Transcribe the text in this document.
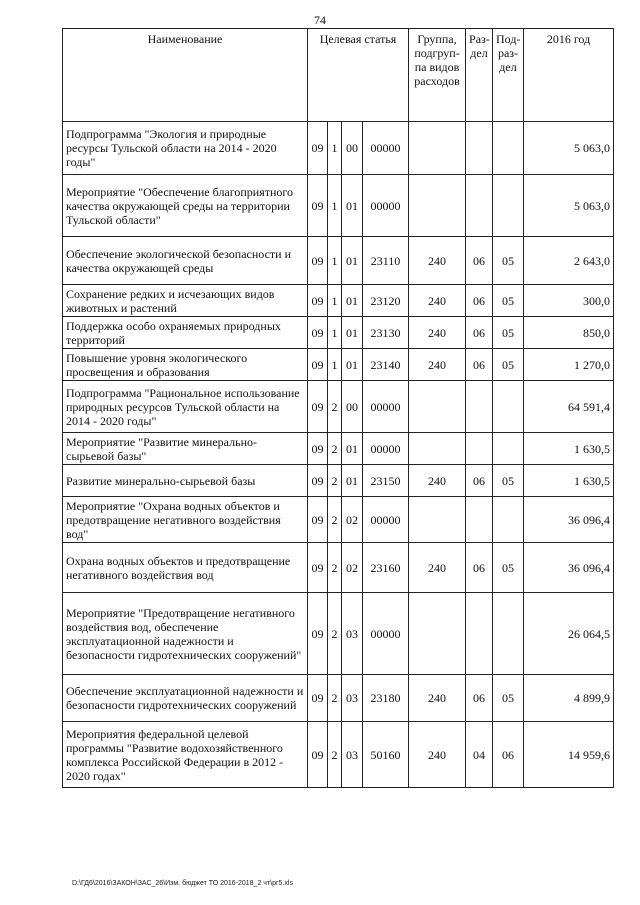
74
Наименование	Целевая статья				Группа, подгруп-па видов расходов	Раз-дел	Под-раз-дел	2016 год
Подпрограмма "Экология и природные ресурсы Тульской области на 2014 - 2020 годы"	09	1	00	00000				5 063,0
Мероприятие "Обеспечение благоприятного качества окружающей среды на территории Тульской области"	09	1	01	00000				5 063,0
Обеспечение экологической безопасности и качества окружающей среды	09	1	01	23110	240	06	05	2 643,0
Сохранение редких и исчезающих видов животных и растений	09	1	01	23120	240	06	05	300,0
Поддержка особо охраняемых природных территорий	09	1	01	23130	240	06	05	850,0
Повышение уровня экологического просвещения и образования	09	1	01	23140	240	06	05	1 270,0
Подпрограмма "Рациональное использование природных ресурсов Тульской области на 2014 - 2020 годы"	09	2	00	00000				64 591,4
Мероприятие "Развитие минерально-сырьевой базы"	09	2	01	00000				1 630,5
Развитие минерально-сырьевой базы	09	2	01	23150	240	06	05	1 630,5
Мероприятие "Охрана водных объектов и предотвращение негативного воздействия вод"	09	2	02	00000				36 096,4
Охрана водных объектов и предотвращение негативного воздействия вод	09	2	02	23160	240	06	05	36 096,4
Мероприятие "Предотвращение негативного воздействия вод, обеспечение эксплуатационной надежности и безопасности гидротехнических сооружений"	09	2	03	00000				26 064,5
Обеспечение эксплуатационной надежности и безопасности гидротехнических сооружений	09	2	03	23180	240	06	05	4 899,9
Мероприятия федеральной целевой программы "Развитие водохозяйственного комплекса Российской Федерации в 2012 - 2020 годах"	09	2	03	50160	240	04	06	14 959,6
D:\ГД6\2016\ЗАКОН\ЗАС_26\Изм. бюджет ТО 2016-2018_2 чт\рг5.xls
